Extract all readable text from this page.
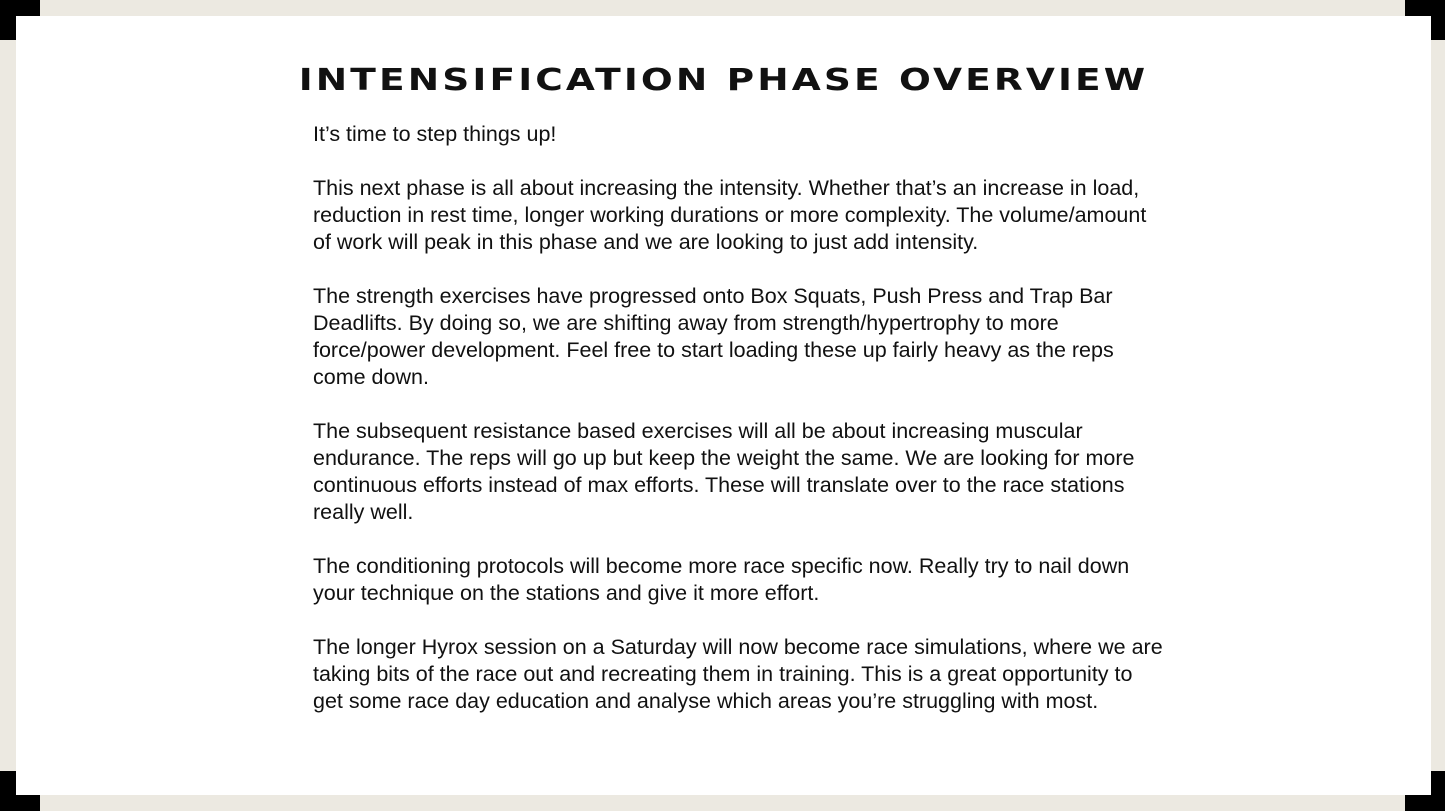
INTENSIFICATION PHASE OVERVIEW

It’s time to step things up!

This next phase is all about increasing the intensity. Whether that’s an increase in load, reduction in rest time, longer working durations or more complexity. The volume/amount of work will peak in this phase and we are looking to just add intensity.

The strength exercises have progressed onto Box Squats, Push Press and Trap Bar Deadlifts. By doing so, we are shifting away from strength/hypertrophy to more force/power development. Feel free to start loading these up fairly heavy as the reps come down.

The subsequent resistance based exercises will all be about increasing muscular endurance. The reps will go up but keep the weight the same. We are looking for more continuous efforts instead of max efforts. These will translate over to the race stations really well.

The conditioning protocols will become more race specific now. Really try to nail down your technique on the stations and give it more effort.

The longer Hyrox session on a Saturday will now become race simulations, where we are taking bits of the race out and recreating them in training. This is a great opportunity to get some race day education and analyse which areas you’re struggling with most.
